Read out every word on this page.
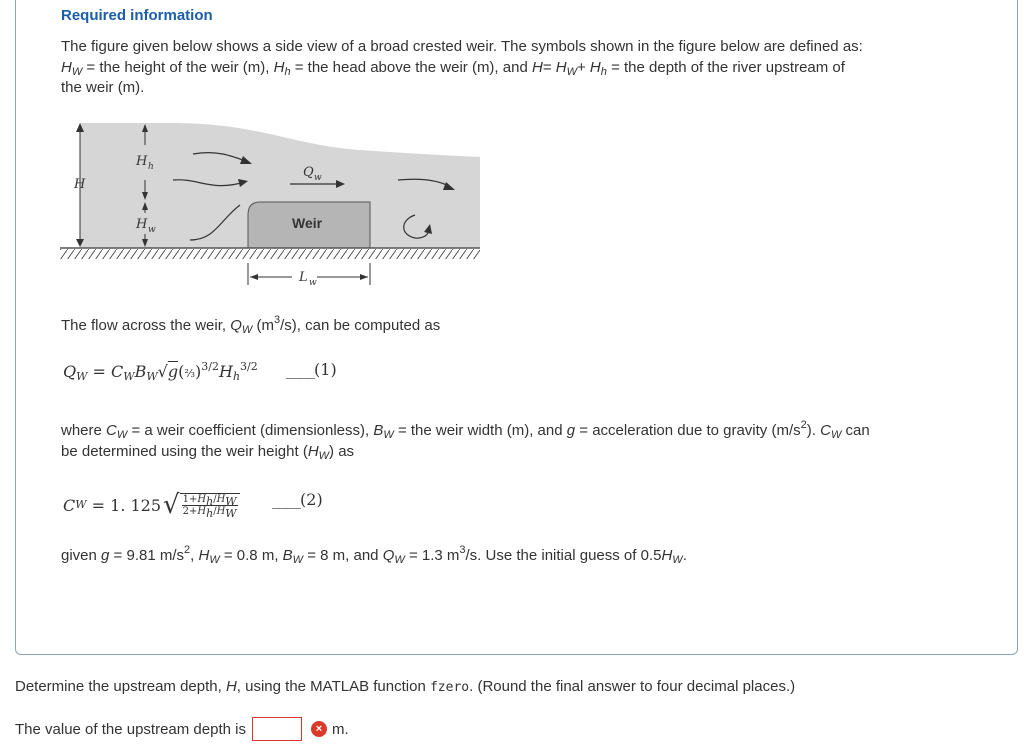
Required information
The figure given below shows a side view of a broad crested weir. The symbols shown in the figure below are defined as:
$H_W$ = the height of the weir (m), $H_h$ = the head above the weir (m), and $H= H_W+ H_h$ = the depth of the river upstream of
the weir (m).
H
H h
H w
Q w
Weir
L w
The flow across the weir, $Q_W$ $(m^3/s)$, can be computed as
$Q_W$ = $C_WB_W√g(\frac{2}{3})^{3/2}H_h^{3/2}$ ____(1)
where $C_W = a$ weir coefficient (dimensionless), $B_W$ = the weir width (m), and g = acceleration due to gravity $(m/s^2)$. $C_W$ can
be determined using the weir height $(H_W)$ as
C W = 1. 125 √ $1+H_h/H_W$
$2+H_h/H_W$
____(2)
given g = 9.81 $m/s^2$, $H_W = 0.8$ m, $B_W = 8$ m, and $Q_W = 1.3$ $m^3/s$. Use the initial guess of $0.5H_W$.
Determine the upstream depth, H, using the MATLAB function fzero. (Round the final answer to four decimal places.)
The value of the upstream depth is	× m.
